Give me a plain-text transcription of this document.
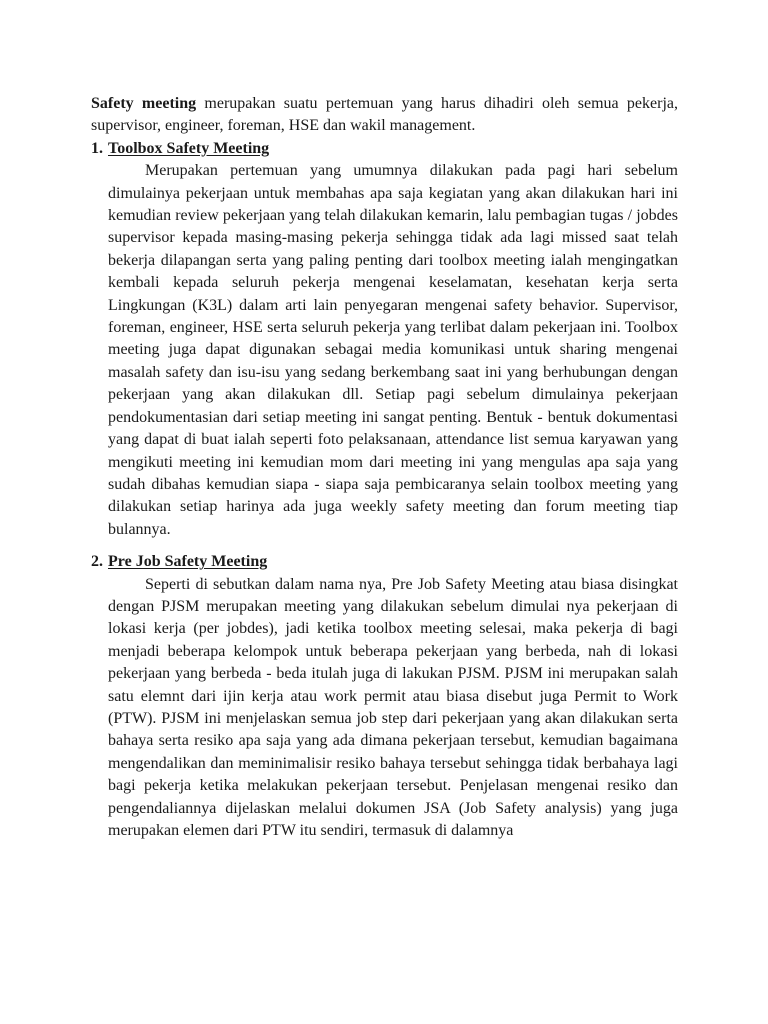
Safety meeting merupakan suatu pertemuan yang harus dihadiri oleh semua pekerja, supervisor, engineer, foreman, HSE dan wakil management.

1. Toolbox Safety Meeting

Merupakan pertemuan yang umumnya dilakukan pada pagi hari sebelum dimulainya pekerjaan untuk membahas apa saja kegiatan yang akan dilakukan hari ini kemudian review pekerjaan yang telah dilakukan kemarin, lalu pembagian tugas / jobdes supervisor kepada masing-masing pekerja sehingga tidak ada lagi missed saat telah bekerja dilapangan serta yang paling penting dari toolbox meeting ialah mengingatkan kembali kepada seluruh pekerja mengenai keselamatan, kesehatan kerja serta Lingkungan (K3L) dalam arti lain penyegaran mengenai safety behavior. Supervisor, foreman, engineer, HSE serta seluruh pekerja yang terlibat dalam pekerjaan ini. Toolbox meeting juga dapat digunakan sebagai media komunikasi untuk sharing mengenai masalah safety dan isu-isu yang sedang berkembang saat ini yang berhubungan dengan pekerjaan yang akan dilakukan dll. Setiap pagi sebelum dimulainya pekerjaan pendokumentasian dari setiap meeting ini sangat penting. Bentuk - bentuk dokumentasi yang dapat di buat ialah seperti foto pelaksanaan, attendance list semua karyawan yang mengikuti meeting ini kemudian mom dari meeting ini yang mengulas apa saja yang sudah dibahas kemudian siapa - siapa saja pembicaranya selain toolbox meeting yang dilakukan setiap harinya ada juga weekly safety meeting dan forum meeting tiap bulannya.

2. Pre Job Safety Meeting

Seperti di sebutkan dalam nama nya, Pre Job Safety Meeting atau biasa disingkat dengan PJSM merupakan meeting yang dilakukan sebelum dimulai nya pekerjaan di lokasi kerja (per jobdes), jadi ketika toolbox meeting selesai, maka pekerja di bagi menjadi beberapa kelompok untuk beberapa pekerjaan yang berbeda, nah di lokasi pekerjaan yang berbeda - beda itulah juga di lakukan PJSM. PJSM ini merupakan salah satu elemnt dari ijin kerja atau work permit atau biasa disebut juga Permit to Work (PTW). PJSM ini menjelaskan semua job step dari pekerjaan yang akan dilakukan serta bahaya serta resiko apa saja yang ada dimana pekerjaan tersebut, kemudian bagaimana mengendalikan dan meminimalisir resiko bahaya tersebut sehingga tidak berbahaya lagi bagi pekerja ketika melakukan pekerjaan tersebut. Penjelasan mengenai resiko dan pengendaliannya dijelaskan melalui dokumen JSA (Job Safety analysis) yang juga merupakan elemen dari PTW itu sendiri, termasuk di dalamnya
